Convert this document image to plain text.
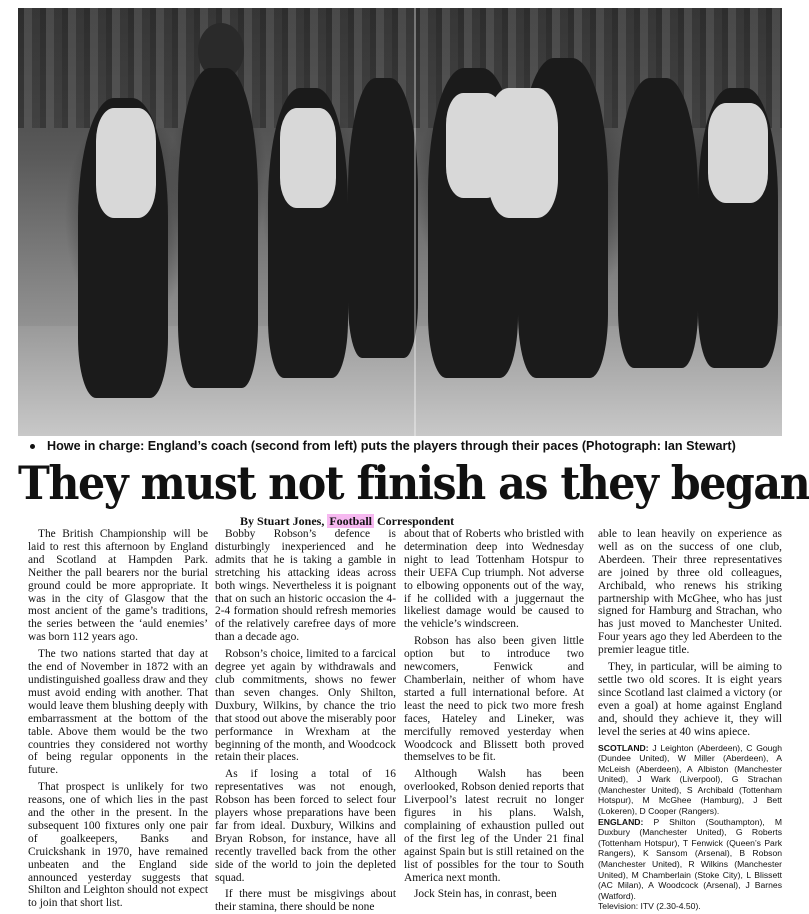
Howe in charge: England’s coach (second from left) puts the players through their paces (Photograph: Ian Stewart)
They must not finish as they began
By Stuart Jones, Football Correspondent

The British Championship will be laid to rest this afternoon by England and Scotland at Hampden Park. Neither the pall bearers nor the burial ground could be more appropriate. It was in the city of Glasgow that the most ancient of the game’s traditions, the series between the ‘auld enemies’ was born 112 years ago.

The two nations started that day at the end of November in 1872 with an undistinguished goalless draw and they must avoid ending with another. That would leave them blushing deeply with embarrassment at the bottom of the table. Above them would be the two countries they considered not worthy of being regular opponents in the future.

That prospect is unlikely for two reasons, one of which lies in the past and the other in the present. In the subsequent 100 fixtures only one pair of goalkeepers, Banks and Cruickshank in 1970, have remained unbeaten and the England side announced yesterday suggests that Shilton and Leighton should not expect to join that short list.

Bobby Robson’s defence is disturbingly inexperienced and he admits that he is taking a gamble in stretching his attacking ideas across both wings. Nevertheless it is poignant that on such an historic occasion the 4-2-4 formation should refresh memories of the relatively carefree days of more than a decade ago.

Robson’s choice, limited to a farcical degree yet again by withdrawals and club commitments, shows no fewer than seven changes. Only Shilton, Duxbury, Wilkins, by chance the trio that stood out above the miserably poor performance in Wrexham at the beginning of the month, and Woodcock retain their places.

As if losing a total of 16 representatives was not enough, Robson has been forced to select four players whose preparations have been far from ideal. Duxbury, Wilkins and Bryan Robson, for instance, have all recently travelled back from the other side of the world to join the depleted squad.

If there must be misgivings about their stamina, there should be none

about that of Roberts who bristled with determination deep into Wednesday night to lead Tottenham Hotspur to their UEFA Cup triumph. Not adverse to elbowing opponents out of the way, if he collided with a juggernaut the likeliest damage would be caused to the vehicle’s windscreen.

Robson has also been given little option but to introduce two newcomers, Fenwick and Chamberlain, neither of whom have started a full international before. At least the need to pick two more fresh faces, Hateley and Lineker, was mercifully removed yesterday when Woodcock and Blissett both proved themselves to be fit.

Although Walsh has been overlooked, Robson denied reports that Liverpool’s latest recruit no longer figures in his plans. Walsh, complaining of exhaustion pulled out of the first leg of the Under 21 final against Spain but is still retained on the list of possibles for the tour to South America next month.

Jock Stein has, in conrast, been

able to lean heavily on experience as well as on the success of one club, Aberdeen. Their three representatives are joined by three old colleagues, Archibald, who renews his striking partnership with McGhee, who has just signed for Hamburg and Strachan, who has just moved to Manchester United. Four years ago they led Aberdeen to the premier league title.

They, in particular, will be aiming to settle two old scores. It is eight years since Scotland last claimed a victory (or even a goal) at home against England and, should they achieve it, they will level the series at 40 wins apiece.

SCOTLAND: J Leighton (Aberdeen), C Gough (Dundee United), W Miller (Aberdeen), A McLeish (Aberdeen), A Albiston (Manchester United), J Wark (Liverpool), G Strachan (Manchester United), S Archibald (Tottenham Hotspur), M McGhee (Hamburg), J Bett (Lokeren), D Cooper (Rangers).
ENGLAND: P Shilton (Southampton), M Duxbury (Manchester United), G Roberts (Tottenham Hotspur), T Fenwick (Queen’s Park Rangers), K Sansom (Arsenal), B Robson (Manchester United), R Wilkins (Manchester United), M Chamberlain (Stoke City), L Blissett (AC Milan), A Woodcock (Arsenal), J Barnes (Watford).
Television: ITV (2.30-4.50).
